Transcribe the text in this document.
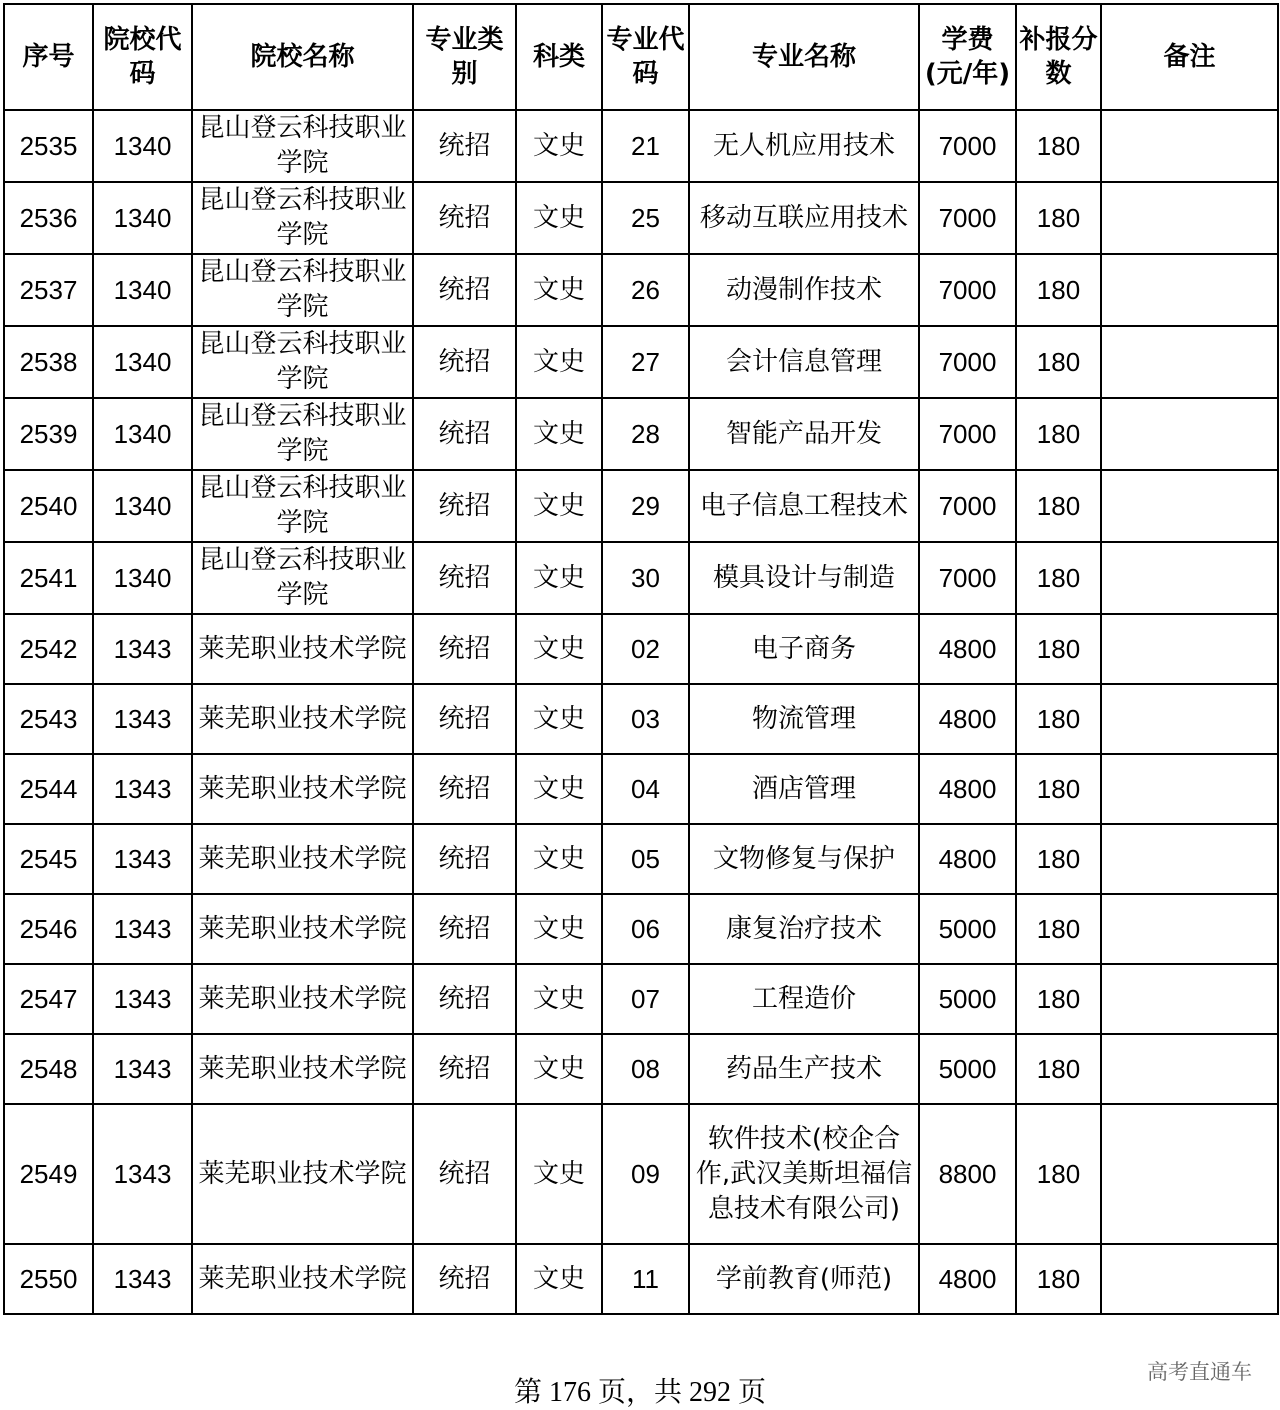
序号	院校代码	院校名称	专业类别	科类	专业代码	专业名称	学费(元/年)	补报分数	备注
2535	1340	昆山登云科技职业学院	统招	文史	21	无人机应用技术	7000	180	
2536	1340	昆山登云科技职业学院	统招	文史	25	移动互联应用技术	7000	180	
2537	1340	昆山登云科技职业学院	统招	文史	26	动漫制作技术	7000	180	
2538	1340	昆山登云科技职业学院	统招	文史	27	会计信息管理	7000	180	
2539	1340	昆山登云科技职业学院	统招	文史	28	智能产品开发	7000	180	
2540	1340	昆山登云科技职业学院	统招	文史	29	电子信息工程技术	7000	180	
2541	1340	昆山登云科技职业学院	统招	文史	30	模具设计与制造	7000	180	
2542	1343	莱芜职业技术学院	统招	文史	02	电子商务	4800	180	
2543	1343	莱芜职业技术学院	统招	文史	03	物流管理	4800	180	
2544	1343	莱芜职业技术学院	统招	文史	04	酒店管理	4800	180	
2545	1343	莱芜职业技术学院	统招	文史	05	文物修复与保护	4800	180	
2546	1343	莱芜职业技术学院	统招	文史	06	康复治疗技术	5000	180	
2547	1343	莱芜职业技术学院	统招	文史	07	工程造价	5000	180	
2548	1343	莱芜职业技术学院	统招	文史	08	药品生产技术	5000	180	
2549	1343	莱芜职业技术学院	统招	文史	09	软件技术(校企合作,武汉美斯坦福信息技术有限公司)	8800	180	
2550	1343	莱芜职业技术学院	统招	文史	11	学前教育(师范)	4800	180	
第 176 页，共 292 页
高考直通车
